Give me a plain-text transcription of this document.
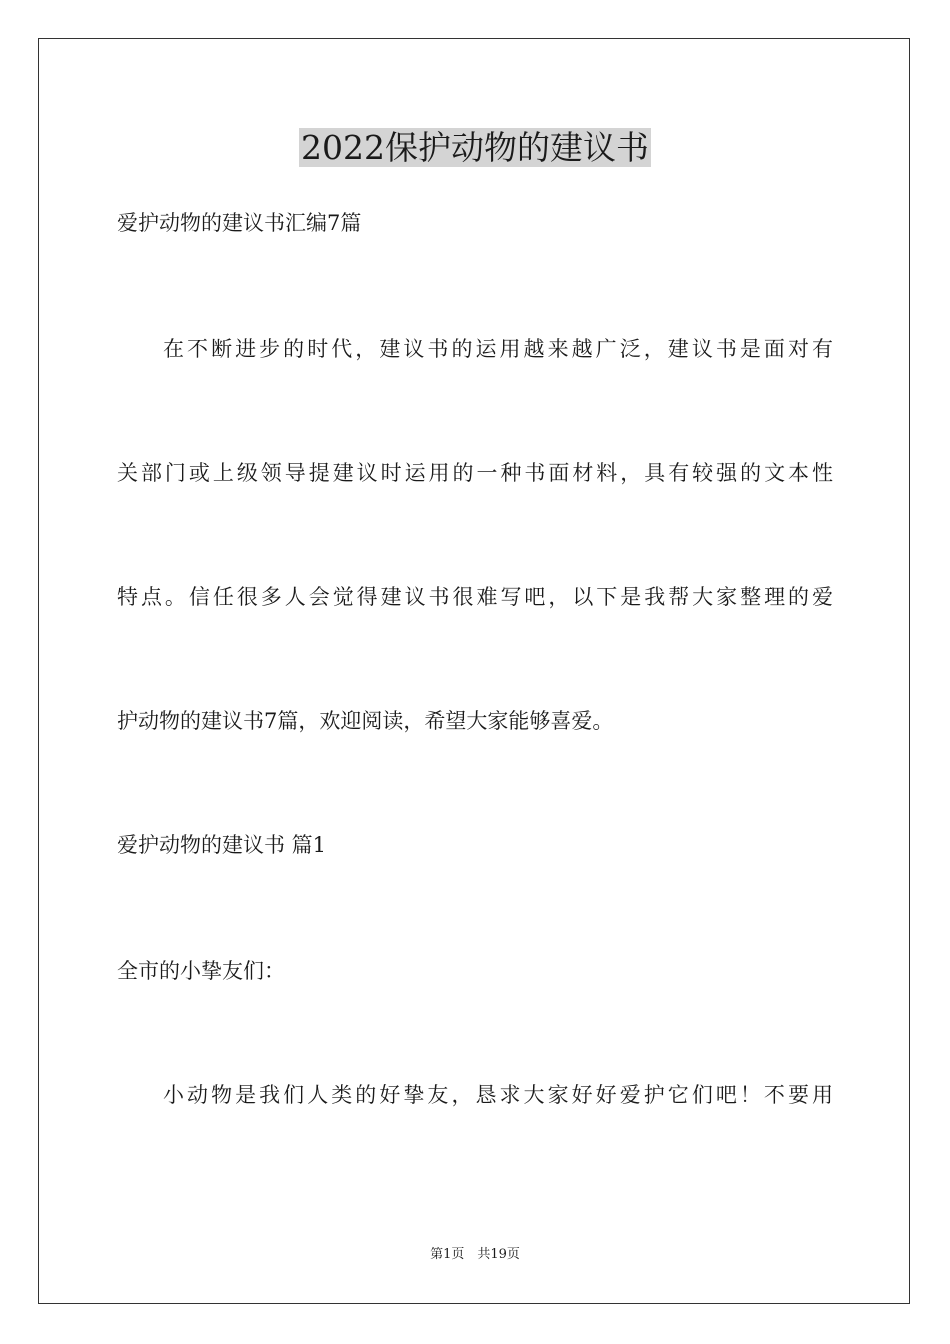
2022保护动物的建议书
爱护动物的建议书汇编7篇
在不断进步的时代，建议书的运用越来越广泛，建议书是面对有
关部门或上级领导提建议时运用的一种书面材料，具有较强的文本性
特点。信任很多人会觉得建议书很难写吧，以下是我帮大家整理的爱
护动物的建议书7篇，欢迎阅读，希望大家能够喜爱。
爱护动物的建议书 篇1
全市的小挚友们：
小动物是我们人类的好挚友，恳求大家好好爱护它们吧！不要用
第1页　共19页
